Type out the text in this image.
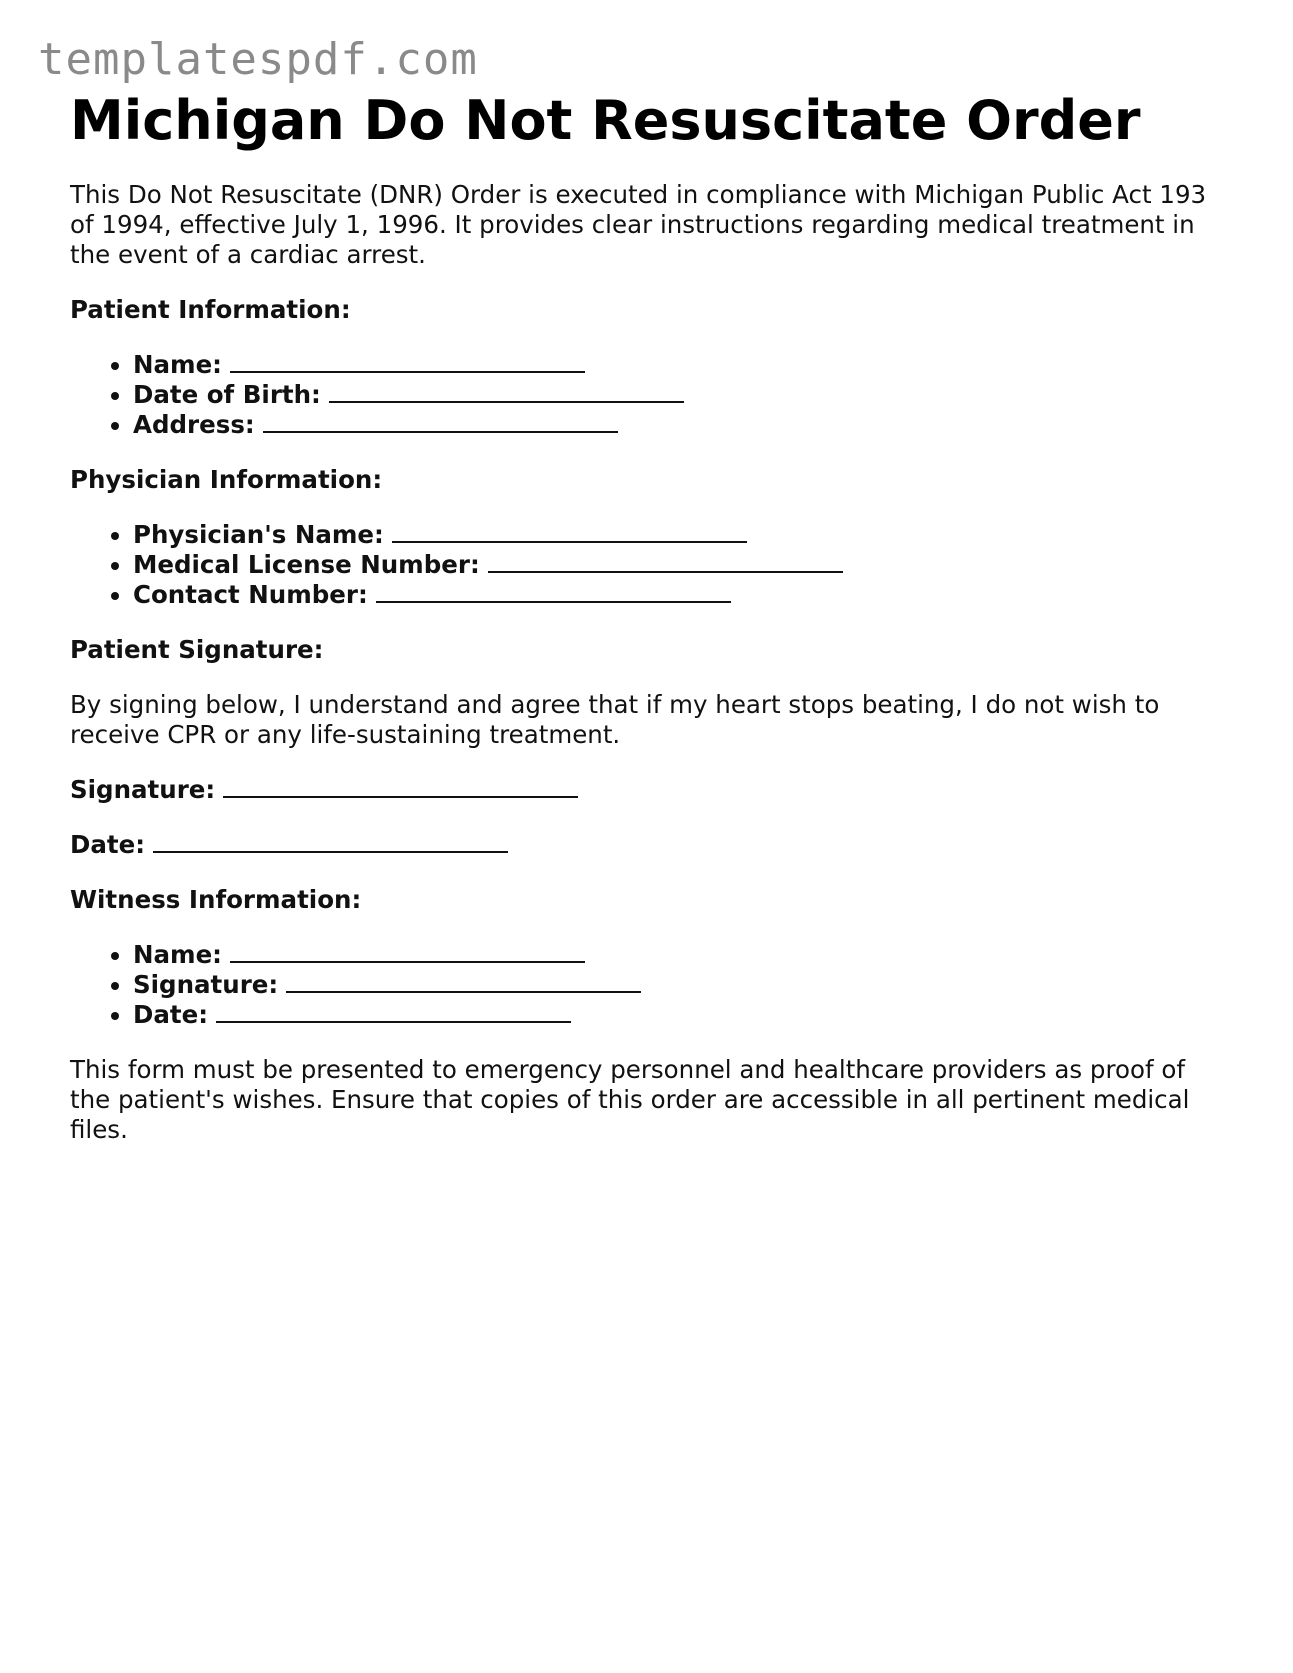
templatespdf.com
Michigan Do Not Resuscitate Order

This Do Not Resuscitate (DNR) Order is executed in compliance with Michigan Public Act 193 of 1994, effective July 1, 1996. It provides clear instructions regarding medical treatment in the event of a cardiac arrest.

Patient Information:
• Name:
• Date of Birth:
• Address:
Physician Information:
• Physician's Name:
• Medical License Number:
• Contact Number:
Patient Signature:

By signing below, I understand and agree that if my heart stops beating, I do not wish to receive CPR or any life-sustaining treatment.

Signature:
Date:
Witness Information:
• Name:
• Signature:
• Date:

This form must be presented to emergency personnel and healthcare providers as proof of the patient's wishes. Ensure that copies of this order are accessible in all pertinent medical files.
